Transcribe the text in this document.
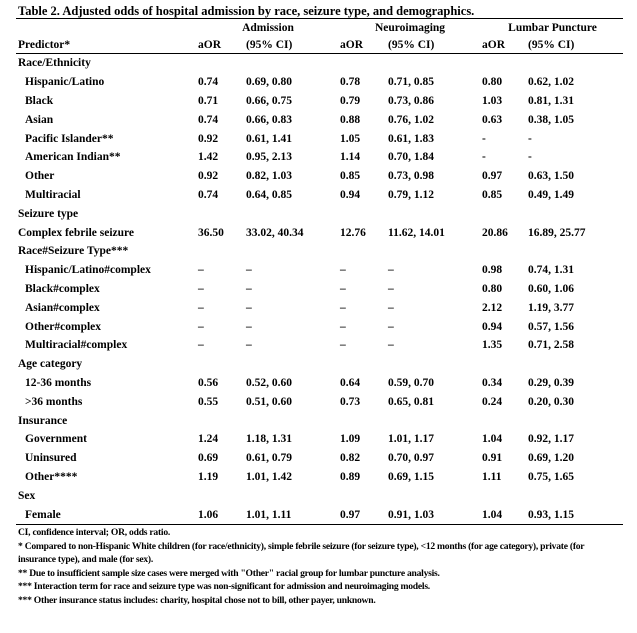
Table 2. Adjusted odds of hospital admission by race, seizure type, and demographics.
	Admission		Neuroimaging		Lumbar Puncture	
Predictor*	aOR	(95% CI)	aOR	(95% CI)	aOR	(95% CI)
Race/Ethnicity						
Hispanic/Latino	0.74	0.69, 0.80	0.78	0.71, 0.85	0.80	0.62, 1.02
Black	0.71	0.66, 0.75	0.79	0.73, 0.86	1.03	0.81, 1.31
Asian	0.74	0.66, 0.83	0.88	0.76, 1.02	0.63	0.38, 1.05
Pacific Islander**	0.92	0.61, 1.41	1.05	0.61, 1.83	-	-
American Indian**	1.42	0.95, 2.13	1.14	0.70, 1.84	-	-
Other	0.92	0.82, 1.03	0.85	0.73, 0.98	0.97	0.63, 1.50
Multiracial	0.74	0.64, 0.85	0.94	0.79, 1.12	0.85	0.49, 1.49
Seizure type						
Complex febrile seizure	36.50	33.02, 40.34	12.76	11.62, 14.01	20.86	16.89, 25.77
Race#Seizure Type***						
Hispanic/Latino#complex	–	–	–	–	0.98	0.74, 1.31
Black#complex	–	–	–	–	0.80	0.60, 1.06
Asian#complex	–	–	–	–	2.12	1.19, 3.77
Other#complex	–	–	–	–	0.94	0.57, 1.56
Multiracial#complex	–	–	–	–	1.35	0.71, 2.58
Age category						
12-36 months	0.56	0.52, 0.60	0.64	0.59, 0.70	0.34	0.29, 0.39
>36 months	0.55	0.51, 0.60	0.73	0.65, 0.81	0.24	0.20, 0.30
Insurance						
Government	1.24	1.18, 1.31	1.09	1.01, 1.17	1.04	0.92, 1.17
Uninsured	0.69	0.61, 0.79	0.82	0.70, 0.97	0.91	0.69, 1.20
Other****	1.19	1.01, 1.42	0.89	0.69, 1.15	1.11	0.75, 1.65
Sex						
Female	1.06	1.01, 1.11	0.97	0.91, 1.03	1.04	0.93, 1.15
CI, confidence interval; OR, odds ratio.
* Compared to non-Hispanic White children (for race/ethnicity), simple febrile seizure (for seizure type), <12 months (for age category), private (for insurance type), and male (for sex).
** Due to insufficient sample size cases were merged with "Other" racial group for lumbar puncture analysis.
*** Interaction term for race and seizure type was non-significant for admission and neuroimaging models.
*** Other insurance status includes: charity, hospital chose not to bill, other payer, unknown.
